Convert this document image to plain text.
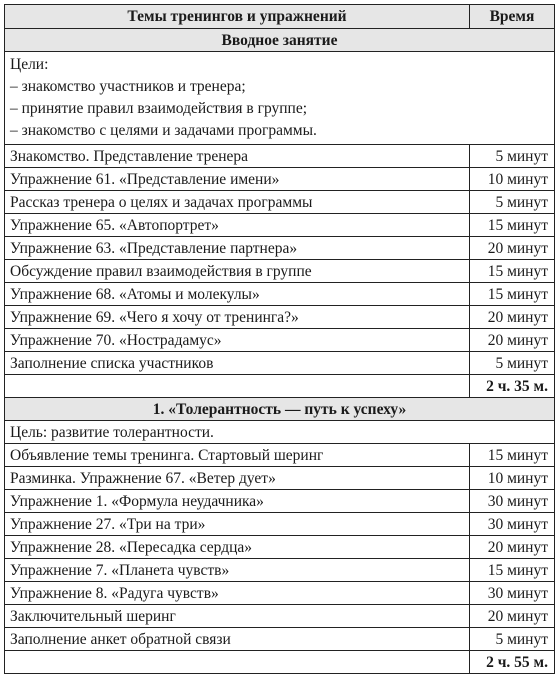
Темы тренингов и упражнений	Время
Вводное занятие	

Цели:
– знакомство участников и тренера;
– принятие правил взаимодействия в группе;
– знакомство с целями и задачами программы.	

Знакомство. Представление тренера	5 минут
Упражнение 61. «Представление имени»	10 минут
Рассказ тренера о целях и задачах программы	5 минут
Упражнение 65. «Автопортрет»	15 минут
Упражнение 63. «Представление партнера»	20 минут
Обсуждение правил взаимодействия в группе	15 минут
Упражнение 68. «Атомы и молекулы»	15 минут
Упражнение 69. «Чего я хочу от тренинга?»	20 минут
Упражнение 70. «Нострадамус»	20 минут
Заполнение списка участников	5 минут
	2 ч. 35 м.
1. «Толерантность — путь к успеху»	
Цель: развитие толерантности.	
Объявление темы тренинга. Стартовый шеринг	15 минут
Разминка. Упражнение 67. «Ветер дует»	10 минут
Упражнение 1. «Формула неудачника»	30 минут
Упражнение 27. «Три на три»	30 минут
Упражнение 28. «Пересадка сердца»	20 минут
Упражнение 7. «Планета чувств»	15 минут
Упражнение 8. «Радуга чувств»	30 минут
Заключительный шеринг	20 минут
Заполнение анкет обратной связи	5 минут
	2 ч. 55 м.
